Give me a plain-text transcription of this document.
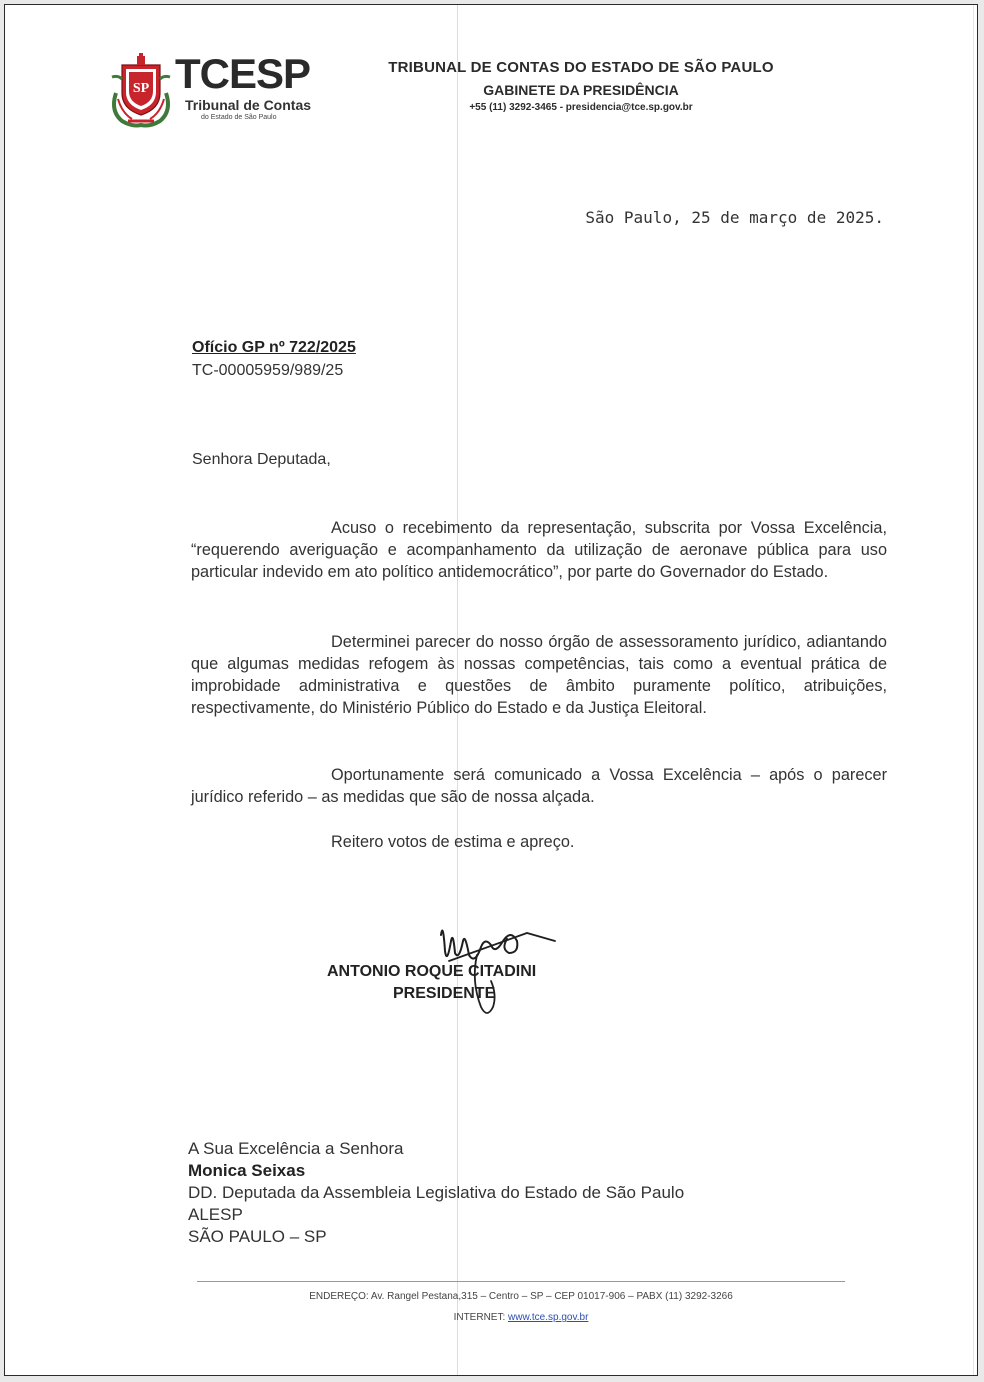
SP TCESP
Tribunal de Contas
do Estado de São Paulo
TRIBUNAL DE CONTAS DO ESTADO DE SÃO PAULO
GABINETE DA PRESIDÊNCIA
+55 (11) 3292-3465 - presidencia@tce.sp.gov.br
São Paulo, 25 de março de 2025.
Ofício GP nº 722/2025
TC-00005959/989/25
Senhora Deputada,

Acuso o recebimento da representação, subscrita por Vossa Excelência, “requerendo averiguação e acompanhamento da utilização de aeronave pública para uso particular indevido em ato político antidemocrático”, por parte do Governador do Estado.

Determinei parecer do nosso órgão de assessoramento jurídico, adiantando que algumas medidas refogem às nossas competências, tais como a eventual prática de improbidade administrativa e questões de âmbito puramente político, atribuições, respectivamente, do Ministério Público do Estado e da Justiça Eleitoral.

Oportunamente será comunicado a Vossa Excelência – após o parecer jurídico referido – as medidas que são de nossa alçada.

Reitero votos de estima e apreço.

ANTONIO ROQUE CITADINI
PRESIDENTE
A Sua Excelência a Senhora
Monica Seixas
DD. Deputada da Assembleia Legislativa do Estado de São Paulo
ALESP
SÃO PAULO – SP
ENDEREÇO: Av. Rangel Pestana,315 – Centro – SP – CEP 01017-906 – PABX (11) 3292-3266
INTERNET: www.tce.sp.gov.br
